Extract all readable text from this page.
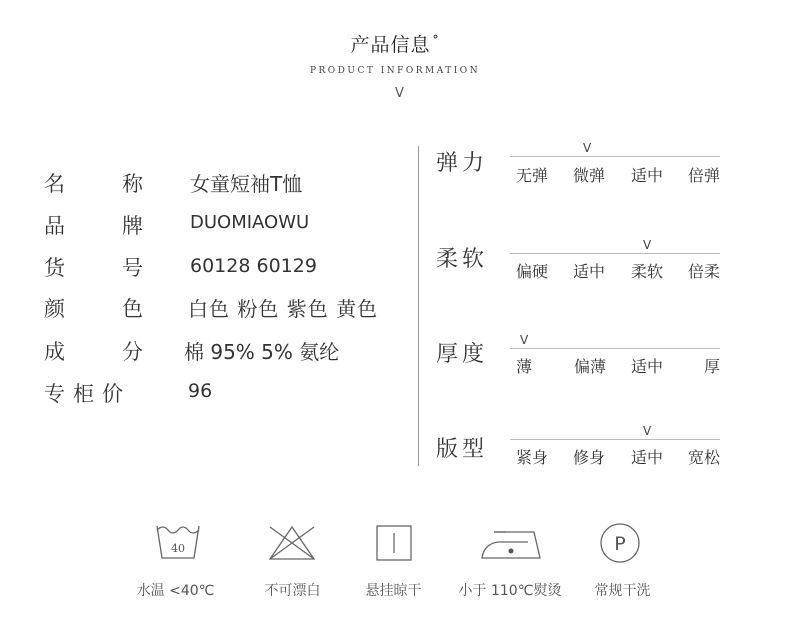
产品信息 °
PRODUCT INFORMATION
V
名	称 女童短袖T恤
品	牌	DUOMIAOWU
货	号 60128 60129
颜	色 白色 粉色 紫色 黄色
成	分 棉 95% 5% 氨纶
专柜价	96
弹力
V
无弹 微弹 适中 倍弹
柔软
V
偏硬 适中 柔软 倍柔
厚度
V
薄	偏薄 适中	厚
版型
V
紧身 修身 适中 宽松
40
水温 <40℃	不可漂白	悬挂晾干	小于 110℃熨烫
P
常规干洗
